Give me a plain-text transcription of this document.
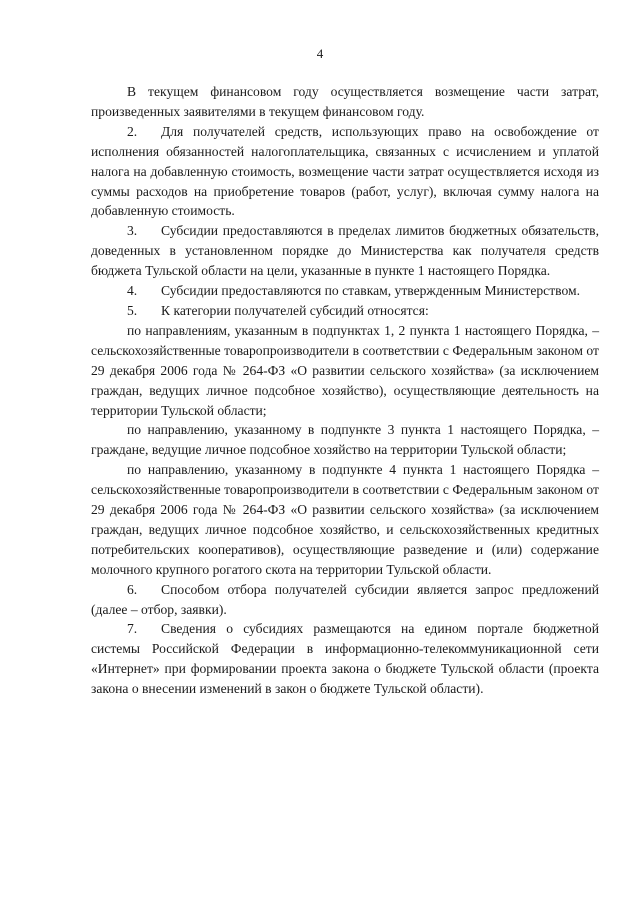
4

В текущем финансовом году осуществляется возмещение части затрат, произведенных заявителями в текущем финансовом году.

2. Для получателей средств, использующих право на освобождение от исполнения обязанностей налогоплательщика, связанных с исчислением и уплатой налога на добавленную стоимость, возмещение части затрат осуществляется исходя из суммы расходов на приобретение товаров (работ, услуг), включая сумму налога на добавленную стоимость.

3. Субсидии предоставляются в пределах лимитов бюджетных обязательств, доведенных в установленном порядке до Министерства как получателя средств бюджета Тульской области на цели, указанные в пункте 1 настоящего Порядка.

4. Субсидии предоставляются по ставкам, утвержденным Министерством.

5. К категории получателей субсидий относятся:

по направлениям, указанным в подпунктах 1, 2 пункта 1 настоящего Порядка, – сельскохозяйственные товаропроизводители в соответствии с Федеральным законом от 29 декабря 2006 года № 264-ФЗ «О развитии сельского хозяйства» (за исключением граждан, ведущих личное подсобное хозяйство), осуществляющие деятельность на территории Тульской области;

по направлению, указанному в подпункте 3 пункта 1 настоящего Порядка, – граждане, ведущие личное подсобное хозяйство на территории Тульской области;

по направлению, указанному в подпункте 4 пункта 1 настоящего Порядка – сельскохозяйственные товаропроизводители в соответствии с Федеральным законом от 29 декабря 2006 года № 264-ФЗ «О развитии сельского хозяйства» (за исключением граждан, ведущих личное подсобное хозяйство, и сельскохозяйственных кредитных потребительских кооперативов), осуществляющие разведение и (или) содержание молочного крупного рогатого скота на территории Тульской области.

6. Способом отбора получателей субсидии является запрос предложений (далее – отбор, заявки).

7. Сведения о субсидиях размещаются на едином портале бюджетной системы Российской Федерации в информационно-телекоммуникационной сети «Интернет» при формировании проекта закона о бюджете Тульской области (проекта закона о внесении изменений в закон о бюджете Тульской области).
